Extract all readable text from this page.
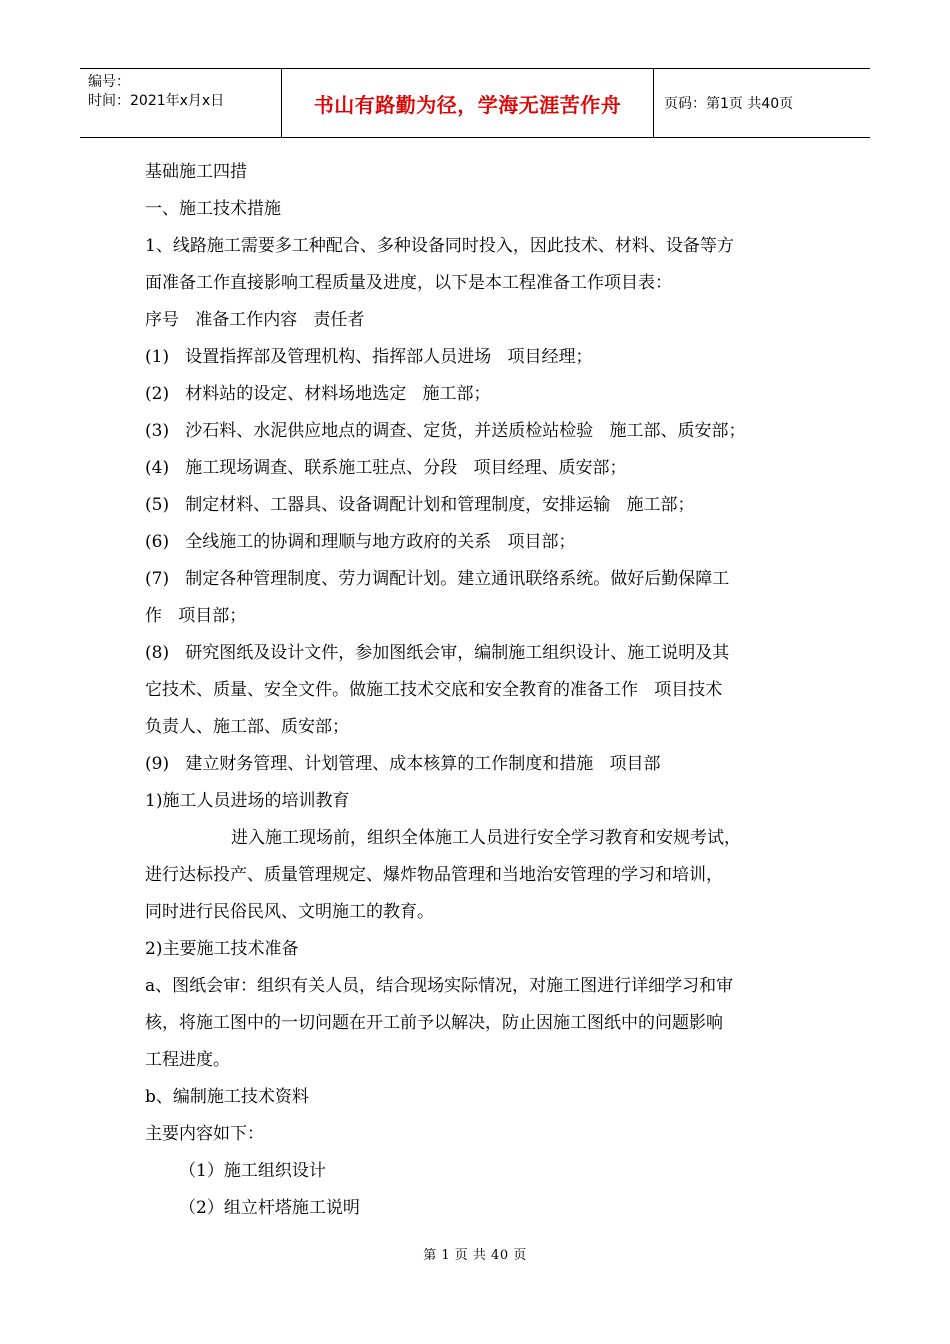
编号：
时间：2021年x月x日	书山有路勤为径，学海无涯苦作舟	页码：第1页 共40页
基础施工四措
一、施工技术措施
1、线路施工需要多工种配合、多种设备同时投入，因此技术、材料、设备等方
面准备工作直接影响工程质量及进度，以下是本工程准备工作项目表：
序号   准备工作内容   责任者
(1)   设置指挥部及管理机构、指挥部人员进场   项目经理；
(2)   材料站的设定、材料场地选定   施工部；
(3)   沙石料、水泥供应地点的调查、定货，并送质检站检验   施工部、质安部；
(4)   施工现场调查、联系施工驻点、分段   项目经理、质安部；
(5)   制定材料、工器具、设备调配计划和管理制度，安排运输   施工部；
(6)   全线施工的协调和理顺与地方政府的关系   项目部；
(7)   制定各种管理制度、劳力调配计划。建立通讯联络系统。做好后勤保障工
作   项目部；
(8)   研究图纸及设计文件，参加图纸会审，编制施工组织设计、施工说明及其
它技术、质量、安全文件。做施工技术交底和安全教育的准备工作   项目技术
负责人、施工部、质安部；
(9)   建立财务管理、计划管理、成本核算的工作制度和措施   项目部
1)施工人员进场的培训教育
进入施工现场前，组织全体施工人员进行安全学习教育和安规考试，
进行达标投产、质量管理规定、爆炸物品管理和当地治安管理的学习和培训，
同时进行民俗民风、文明施工的教育。
2)主要施工技术准备
a、图纸会审：组织有关人员，结合现场实际情况，对施工图进行详细学习和审
核，将施工图中的一切问题在开工前予以解决，防止因施工图纸中的问题影响
工程进度。
b、编制施工技术资料
主要内容如下：
（1）施工组织设计
（2）组立杆塔施工说明
第 1 页 共 40 页
